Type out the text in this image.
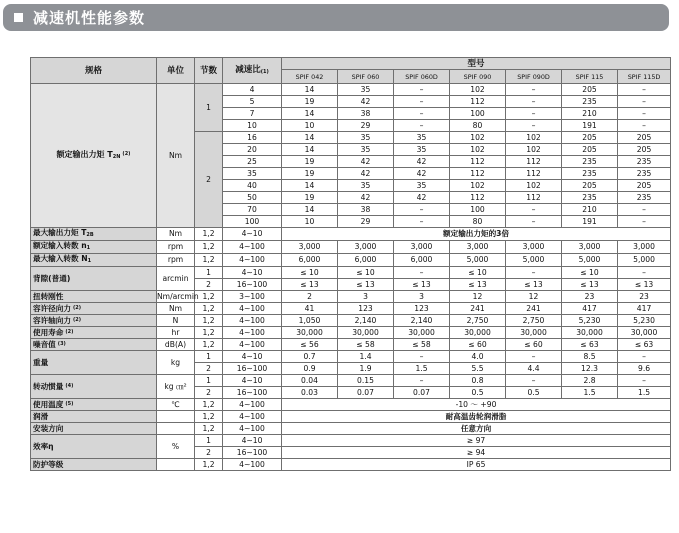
减速机性能参数
规格	单位	节数	减速比(1)	型号						
				SPIF 042	SPIF 060	SPIF 060D	SPIF 090	SPIF 090D	SPIF 115	SPIF 115D
额定输出力矩 T2N $^{(2)}$	Nm	1	4	14	35	–	102	–	205	–
			5	19	42	–	112	–	235	–
			7	14	38	–	100	–	210	–
			10	10	29	–	80	–	191	–
		2	16	14	35	35	102	102	205	205
			20	14	35	35	102	102	205	205
			25	19	42	42	112	112	235	235
			35	19	42	42	112	112	235	235
			40	14	35	35	102	102	205	205
			50	19	42	42	112	112	235	235
			70	14	38	–	100	–	210	–
			100	10	29	–	80	–	191	–
最大输出力矩 T2B	Nm	1,2	4~10	额定输出力矩的3倍						
额定输入转数 n1	rpm	1,2	4~100	3,000	3,000	3,000	3,000	3,000	3,000	3,000
最大输入转数 N1	rpm	1,2	4~100	6,000	6,000	6,000	5,000	5,000	5,000	5,000
背隙(普通)	arcmin	1	4~10	≤ 10	≤ 10	–	≤ 10	–	≤ 10	–
		2	16~100	≤ 13	≤ 13	≤ 13	≤ 13	≤ 13	≤ 13	≤ 13
扭转刚性	Nm/arcmin	1,2	3~100	2	3	3	12	12	23	23
容许径向力 $^{(2)}$	Nm	1,2	4~100	41	123	123	241	241	417	417
容许轴向力 $^{(2)}$	N	1,2	4~100	1,050	2,140	2,140	2,750	2,750	5,230	5,230
使用寿命 $^{(2)}$	hr	1,2	4~100	30,000	30,000	30,000	30,000	30,000	30,000	30,000
噪音值 $^{(3)}$	dB(A)	1,2	4~100	≤ 56	≤ 58	≤ 58	≤ 60	≤ 60	≤ 63	≤ 63
重量	kg	1	4~10	0.7	1.4	–	4.0	–	8.5	–
		2	16~100	0.9	1.9	1.5	5.5	4.4	12.3	9.6
转动惯量 $^{(4)}$	kg ㎝²	1	4~10	0.04	0.15	–	0.8	–	2.8	–
		2	16~100	0.03	0.07	0.07	0.5	0.5	1.5	1.5
使用温度 $^{(5)}$	℃	1,2	4~100	-10 ～ +90						
润滑		1,2	4~100	耐高温齿轮润滑脂						
安装方向		1,2	4~100	任意方向						
效率η	%	1	4~10	≥ 97						
		2	16~100	≥ 94						
防护等级		1,2	4~100	IP 65						
